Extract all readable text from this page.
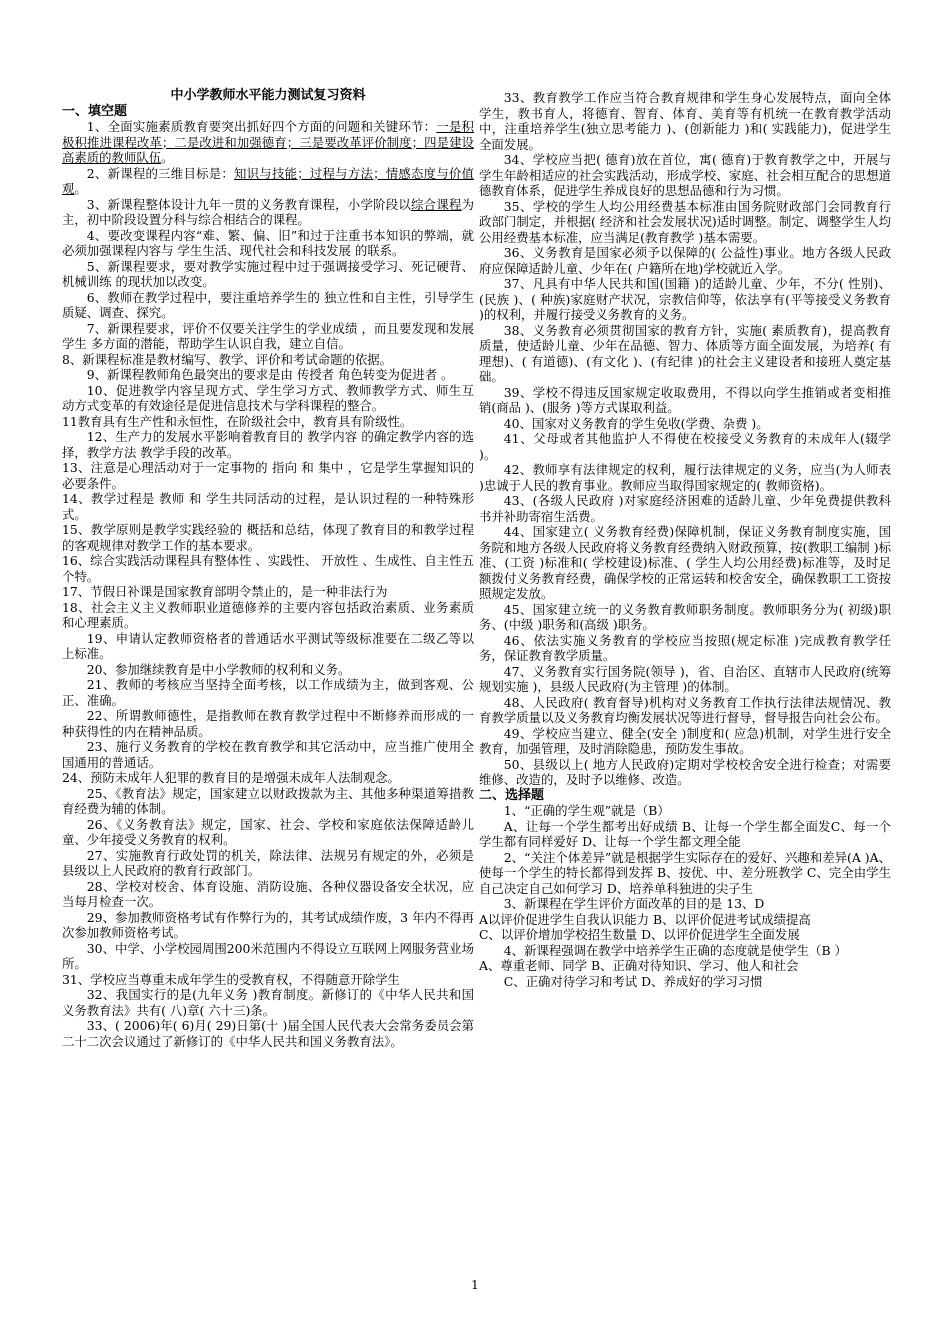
中小学教师水平能力测试复习资料

一、填空题

1、全面实施素质教育要突出抓好四个方面的问题和关键环节：一是积极积推进课程改革；二是改进和加强德育；三是要改革评价制度；四是建设高素质的教师队伍。

2、新课程的三维目标是：知识与技能；过程与方法；情感态度与价值观。

3、新课程整体设计九年一贯的义务教育课程，小学阶段以综合课程为主，初中阶段设置分科与综合相结合的课程。

4、要改变课程内容“难、繁、偏、旧”和过于注重书本知识的弊端，就必须加强课程内容与 学生生活、现代社会和科技发展 的联系。

5、新课程要求，要对教学实施过程中过于强调接受学习、死记硬背、机械训练 的现状加以改变。

6、教师在教学过程中，要注重培养学生的 独立性和自主性，引导学生质疑、调查、探究。

7、新课程要求，评价不仅要关注学生的学业成绩 ，而且要发现和发展学生 多方面的潜能，帮助学生认识自我，建立自信。

8、新课程标准是教材编写、教学、评价和考试命题的依据。

9、新课程教师角色最突出的要求是由 传授者 角色转变为促进者 。

10、促进教学内容呈现方式、学生学习方式、教师教学方式、师生互动方式变革的有效途径是促进信息技术与学科课程的整合。

11教育具有生产性和永恒性，在阶级社会中，教育具有阶级性。

12、生产力的发展水平影响着教育目的 教学内容 的确定教学内容的选择，教学方法 教学手段的改革。

13、注意是心理活动对于一定事物的 指向 和 集中 ，它是学生掌握知识的 必要条件。

14、教学过程是 教师 和 学生共同活动的过程，是认识过程的一种特殊形式。

15、教学原则是教学实践经验的 概括和总结，体现了教育目的和教学过程的客观规律对教学工作的基本要求。

16、综合实践活动课程具有整体性 、实践性、 开放性 、生成性、自主性五个特。

17、节假日补课是国家教育部明令禁止的，是一种非法行为

18、社会主义主义教师职业道德修养的主要内容包括政治素质、业务素质和心理素质。

19、申请认定教师资格者的普通话水平测试等级标准要在二级乙等以上标准。

20、参加继续教育是中小学教师的权利和义务。

21、教师的考核应当坚持全面考核，以工作成绩为主，做到客观、公正、准确。

22、所谓教师德性，是指教师在教育教学过程中不断修养而形成的一种获得性的内在精神品质。

23、施行义务教育的学校在教育教学和其它活动中，应当推广使用全国通用的普通话。

24、预防未成年人犯罪的教育目的是增强未成年人法制观念。

25、《教育法》规定，国家建立以财政拨款为主、其他多种渠道筹措教育经费为辅的体制。

26、《义务教育法》规定，国家、社会、学校和家庭依法保障适龄儿童、少年接受义务教育的权利。

27、实施教育行政处罚的机关，除法律、法规另有规定的外，必须是 县级以上人民政府的教育行政部门。

28、学校对校舍、体育设施、消防设施、各种仪器设备安全状况，应当每月检查一次。

29、参加教师资格考试有作弊行为的，其考试成绩作废，3 年内不得再次参加教师资格考试。

30、中学、小学校园周围200米范围内不得设立互联网上网服务营业场所。

31、学校应当尊重未成年学生的受教育权，不得随意开除学生

32、我国实行的是(九年义务 )教育制度。新修订的《中华人民共和国义务教育法》共有( 八)章( 六十三)条。

33、( 2006)年( 6)月( 29)日第(十 )届全国人民代表大会常务委员会第二十二次会议通过了新修订的《中华人民共和国义务教育法》。

33、教育教学工作应当符合教育规律和学生身心发展特点，面向全体学生，教书育人，将德育、智育、体育、美育等有机统一在教育教学活动中，注重培养学生(独立思考能力 )、(创新能力 )和( 实践能力)，促进学生全面发展。

34、学校应当把( 德育)放在首位，寓( 德育)于教育教学之中，开展与学生年龄相适应的社会实践活动，形成学校、家庭、社会相互配合的思想道德教育体系，促进学生养成良好的思想品德和行为习惯。

35、学校的学生人均公用经费基本标准由国务院财政部门会同教育行政部门制定，并根据( 经济和社会发展状况)适时调整。制定、调整学生人均公用经费基本标准，应当满足(教育教学 )基本需要。

36、义务教育是国家必须予以保障的( 公益性)事业。地方各级人民政府应保障适龄儿童、少年在( 户籍所在地)学校就近入学。

37、凡具有中华人民共和国(国籍 )的适龄儿童、少年，不分( 性别)、(民族 )、( 种族)家庭财产状况，宗教信仰等，依法享有(平等接受义务教育 )的权利，并履行接受义务教育的义务。

38、义务教育必须贯彻国家的教育方针，实施( 素质教育)，提高教育质量，使适龄儿童、少年在品德、智力、体质等方面全面发展，为培养( 有理想)、( 有道德)、(有文化 )、(有纪律 )的社会主义建设者和接班人奠定基础。

39、学校不得违反国家规定收取费用，不得以向学生推销或者变相推销(商品 )、(服务 )等方式谋取利益。

40、国家对义务教育的学生免收(学费、杂费 )。

41、父母或者其他监护人不得使在校接受义务教育的未成年人(辍学 )。

42、教师享有法律规定的权利，履行法律规定的义务，应当(为人师表 )忠诚于人民的教育事业。教师应当取得国家规定的( 教师资格)。

43、(各级人民政府 )对家庭经济困难的适龄儿童、少年免费提供教科书并补助寄宿生活费。

44、国家建立( 义务教育经费)保障机制，保证义务教育制度实施，国务院和地方各级人民政府将义务教育经费纳入财政预算，按(教职工编制 )标准、(工资 )标准和( 学校建设)标准、( 学生人均公用经费)标准等，及时足额拨付义务教育经费，确保学校的正常运转和校舍安全，确保教职工工资按照规定发放。

45、国家建立统一的义务教育教师职务制度。教师职务分为( 初级)职务、(中级 )职务和(高级 )职务。

46、依法实施义务教育的学校应当按照(规定标准 )完成教育教学任务，保证教育教学质量。

47、义务教育实行国务院(领导 )，省、自治区、直辖市人民政府(统筹规划实施 )，县级人民政府(为主管理 )的体制。

48、人民政府( 教育督导)机构对义务教育工作执行法律法规情况、教育教学质量以及义务教育均衡发展状况等进行督导，督导报告向社会公布。

49、学校应当建立、健全(安全 )制度和( 应急)机制，对学生进行安全教育，加强管理，及时消除隐患，预防发生事故。

50、县级以上( 地方人民政府)定期对学校校舍安全进行检查；对需要维修、改造的，及时予以维修、改造。

二、选择题

1、“正确的学生观”就是（B）

A、让每一个学生都考出好成绩 B、让每一个学生都全面发C、每一个学生都有同样爱好 D、让每一个学生都文理全能

2、“关注个体差异”就是根据学生实际存在的爱好、兴趣和差异(A )A、使每一个学生的特长都得到发挥 B、按优、中、差分班教学 C、完全由学生自己决定自己如何学习 D、培养单科独进的尖子生

3、新课程在学生评价方面改革的目的是 13、D

A以评价促进学生自我认识能力 B、以评价促进考试成绩提高

C、以评价增加学校招生数量 D、以评价促进学生全面发展

4、新课程强调在教学中培养学生正确的态度就是使学生（B ）

A、尊重老师、同学 B、正确对待知识、学习、他人和社会

C、正确对待学习和考试 D、养成好的学习习惯

1
